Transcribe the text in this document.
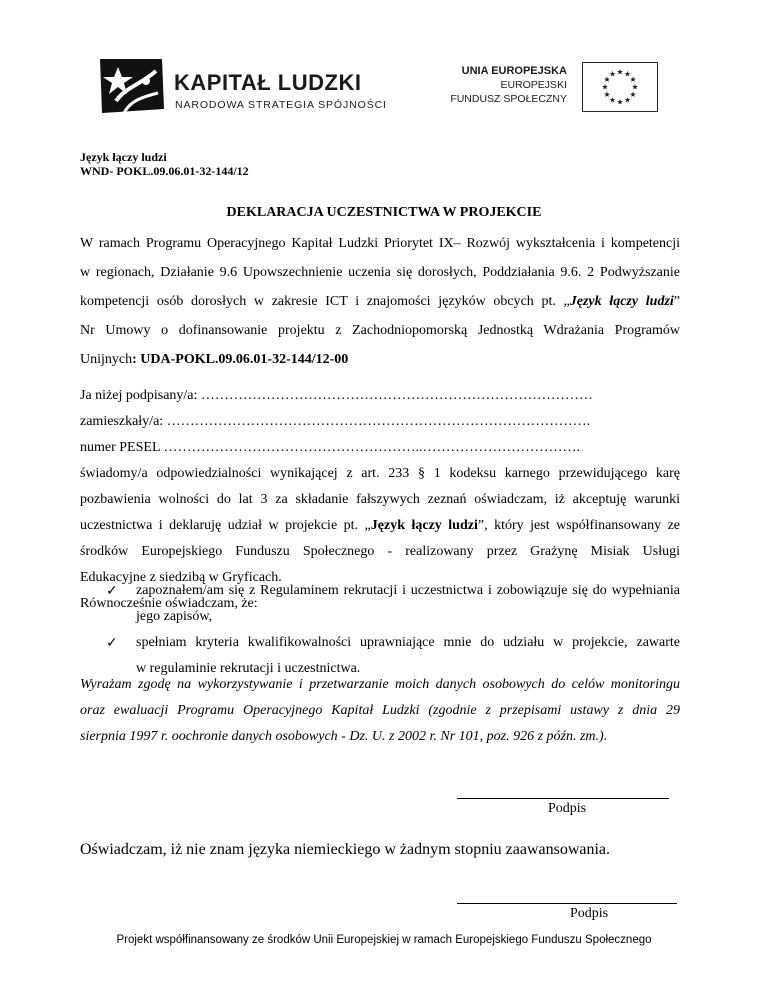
KAPITAŁ LUDZKI
NARODOWA STRATEGIA SPÓJNOŚCI
UNIA EUROPEJSKA
EUROPEJSKI
FUNDUSZ SPOŁECZNY
Język łączy ludzi
WND- POKL.09.06.01-32-144/12
DEKLARACJA UCZESTNICTWA W PROJEKCIE
W ramach Programu Operacyjnego Kapitał Ludzki Priorytet IX– Rozwój wykształcenia i kompetencji
w regionach, Działanie 9.6 Upowszechnienie uczenia się dorosłych, Poddziałania 9.6. 2 Podwyższanie
kompetencji osób dorosłych w zakresie ICT i znajomości języków obcych pt. „Język łączy ludzi”
Nr Umowy o dofinansowanie projektu z Zachodniopomorską Jednostką Wdrażania Programów
Unijnych: UDA-POKL.09.06.01-32-144/12-00
Ja niżej podpisany/a: …………………………………………………………………………
zamieszkały/a: ……………………………………………………………………………….
numer PESEL ………………………………………………..…………………………….
świadomy/a odpowiedzialności wynikającej z art. 233 § 1 kodeksu karnego przewidującego karę
pozbawienia wolności do lat 3 za składanie fałszywych zeznań oświadczam, iż akceptuję warunki
uczestnictwa i deklaruję udział w projekcie pt. „Język łączy ludzi”, który jest współfinansowany ze
środków Europejskiego Funduszu Społecznego - realizowany przez Grażynę Misiak Usługi
Edukacyjne z siedzibą w Gryficach.
Równocześnie oświadczam, że:
✓ zapoznałem/am się z Regulaminem rekrutacji i uczestnictwa i zobowiązuje się do wypełniania
jego zapisów,
✓ spełniam kryteria kwalifikowalności uprawniające mnie do udziału w projekcie, zawarte
w regulaminie rekrutacji i uczestnictwa.
Wyrażam zgodę na wykorzystywanie i przetwarzanie moich danych osobowych do celów monitoringu
oraz ewaluacji Programu Operacyjnego Kapitał Ludzki (zgodnie z przepisami ustawy z dnia 29
sierpnia 1997 r. oochronie danych osobowych - Dz. U. z 2002 r. Nr 101, poz. 926 z późn. zm.).
Podpis
Oświadczam, iż nie znam języka niemieckiego w żadnym stopniu zaawansowania.
Podpis
Projekt współfinansowany ze środków Unii Europejskiej w ramach Europejskiego Funduszu Społecznego
